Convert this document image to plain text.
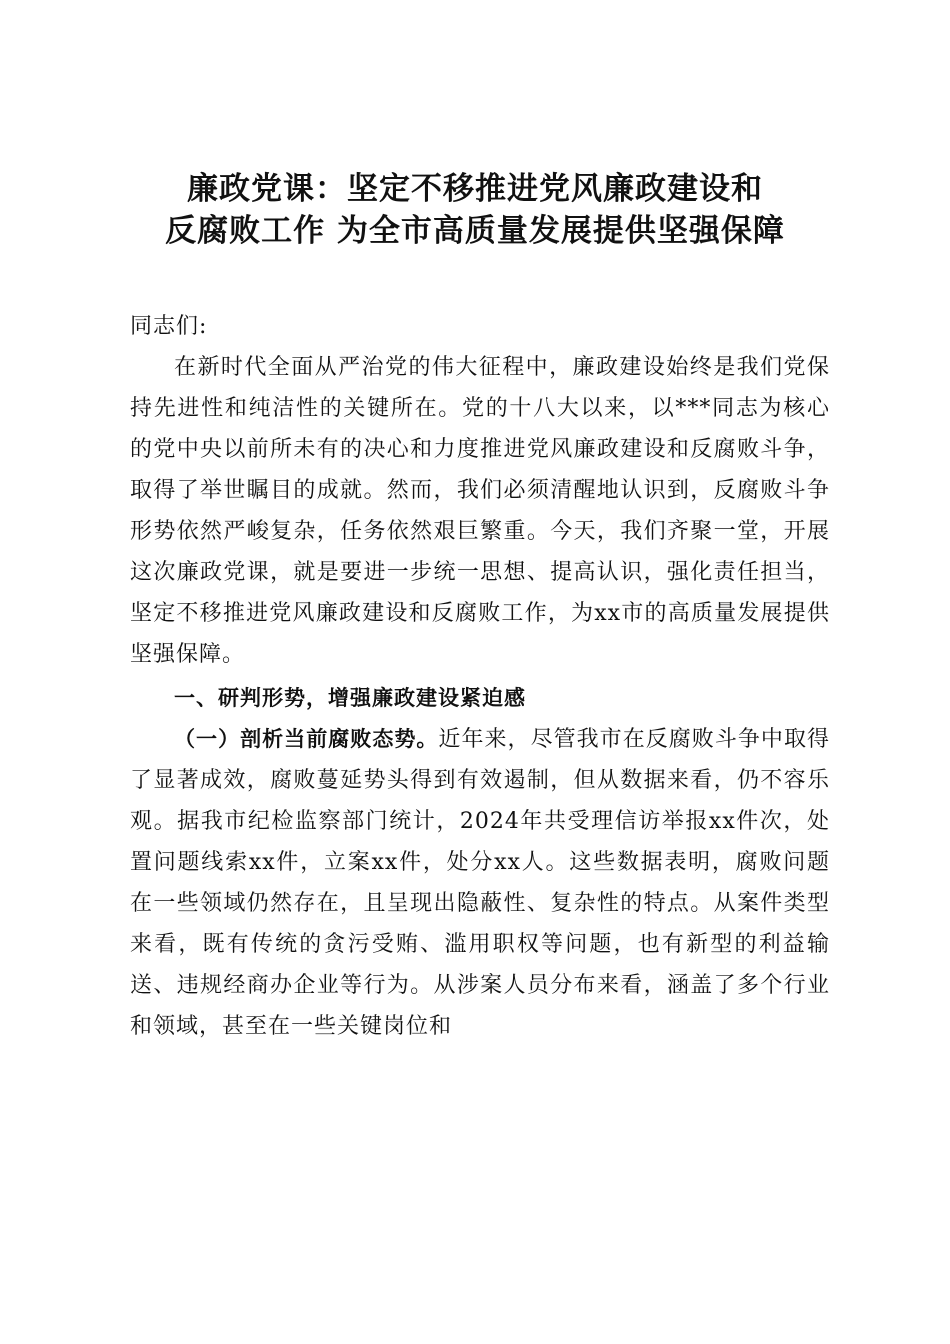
廉政党课：坚定不移推进党风廉政建设和
反腐败工作 为全市高质量发展提供坚强保障

同志们:

在新时代全面从严治党的伟大征程中，廉政建设始终是我们党保持先进性和纯洁性的关键所在。党的十八大以来，以***同志为核心的党中央以前所未有的决心和力度推进党风廉政建设和反腐败斗争，取得了举世瞩目的成就。然而，我们必须清醒地认识到，反腐败斗争形势依然严峻复杂，任务依然艰巨繁重。今天，我们齐聚一堂，开展这次廉政党课，就是要进一步统一思想、提高认识，强化责任担当，坚定不移推进党风廉政建设和反腐败工作，为xx市的高质量发展提供坚强保障。

一、研判形势，增强廉政建设紧迫感

（一）剖析当前腐败态势。近年来，尽管我市在反腐败斗争中取得了显著成效，腐败蔓延势头得到有效遏制，但从数据来看，仍不容乐观。据我市纪检监察部门统计，2024年共受理信访举报xx件次，处置问题线索xx件，立案xx件，处分xx人。这些数据表明，腐败问题在一些领域仍然存在，且呈现出隐蔽性、复杂性的特点。从案件类型来看，既有传统的贪污受贿、滥用职权等问题，也有新型的利益输送、违规经商办企业等行为。从涉案人员分布来看，涵盖了多个行业和领域，甚至在一些关键岗位和
